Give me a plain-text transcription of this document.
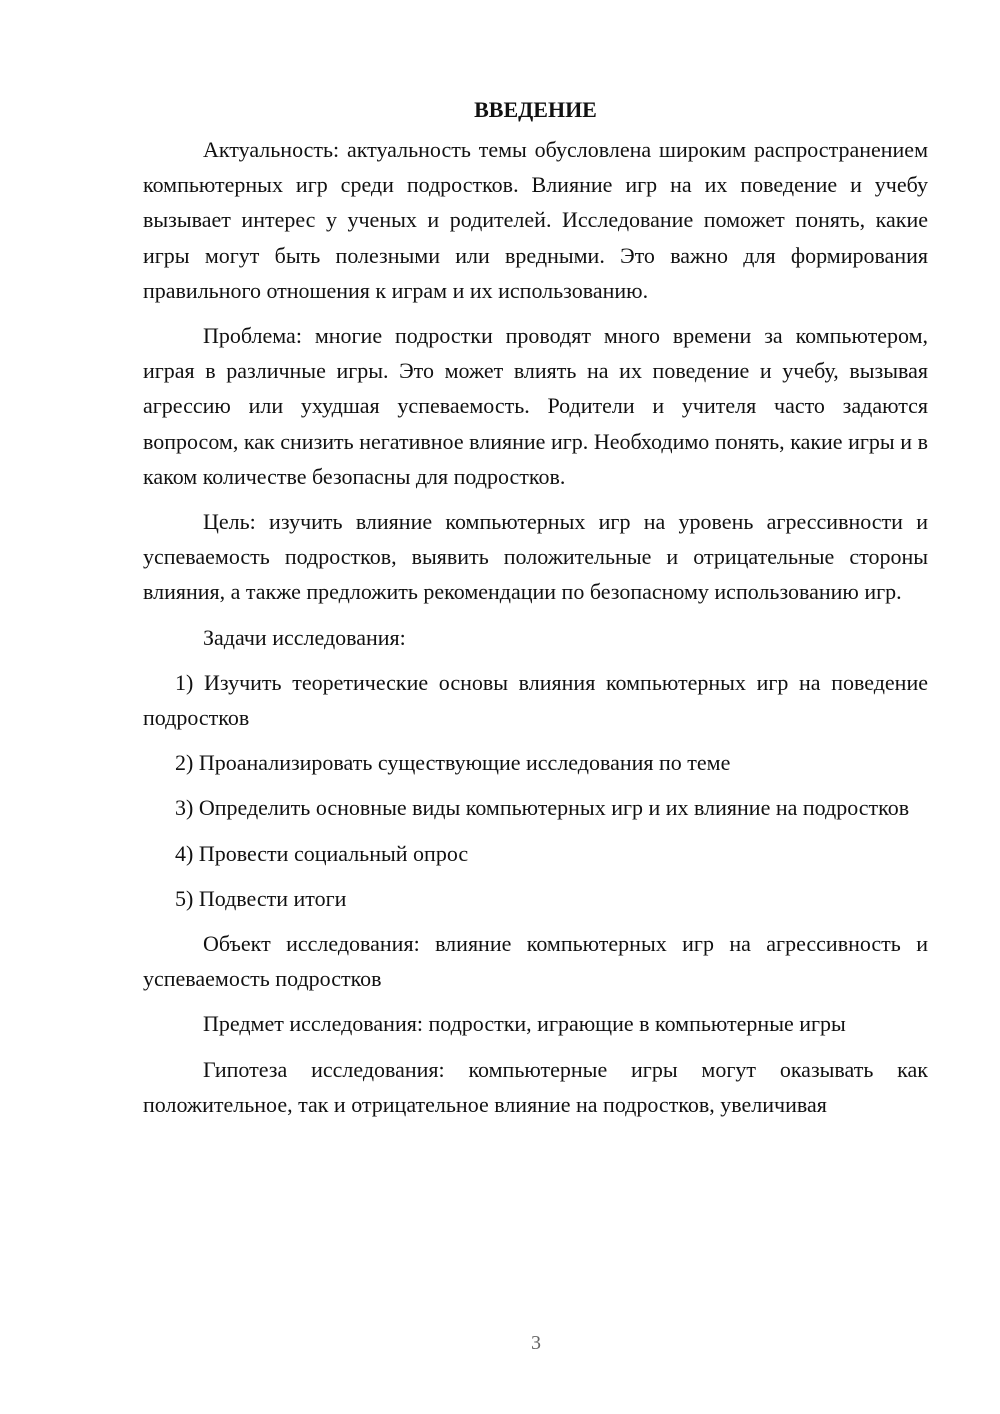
ВВЕДЕНИЕ

Актуальность: актуальность темы обусловлена широким распространением компьютерных игр среди подростков. Влияние игр на их поведение и учебу вызывает интерес у ученых и родителей. Исследование поможет понять, какие игры могут быть полезными или вредными. Это важно для формирования правильного отношения к играм и их использованию.

Проблема: многие подростки проводят много времени за компьютером, играя в различные игры. Это может влиять на их поведение и учебу, вызывая агрессию или ухудшая успеваемость. Родители и учителя часто задаются вопросом, как снизить негативное влияние игр. Необходимо понять, какие игры и в каком количестве безопасны для подростков.

Цель: изучить влияние компьютерных игр на уровень агрессивности и успеваемость подростков, выявить положительные и отрицательные стороны влияния, а также предложить рекомендации по безопасному использованию игр.

Задачи исследования:

1) Изучить теоретические основы влияния компьютерных игр на поведение подростков

2) Проанализировать существующие исследования по теме

3) Определить основные виды компьютерных игр и их влияние на подростков

4) Провести социальный опрос

5) Подвести итоги

Объект исследования: влияние компьютерных игр на агрессивность и успеваемость подростков

Предмет исследования: подростки, играющие в компьютерные игры

Гипотеза исследования: компьютерные игры могут оказывать как положительное, так и отрицательное влияние на подростков, увеличивая

3
